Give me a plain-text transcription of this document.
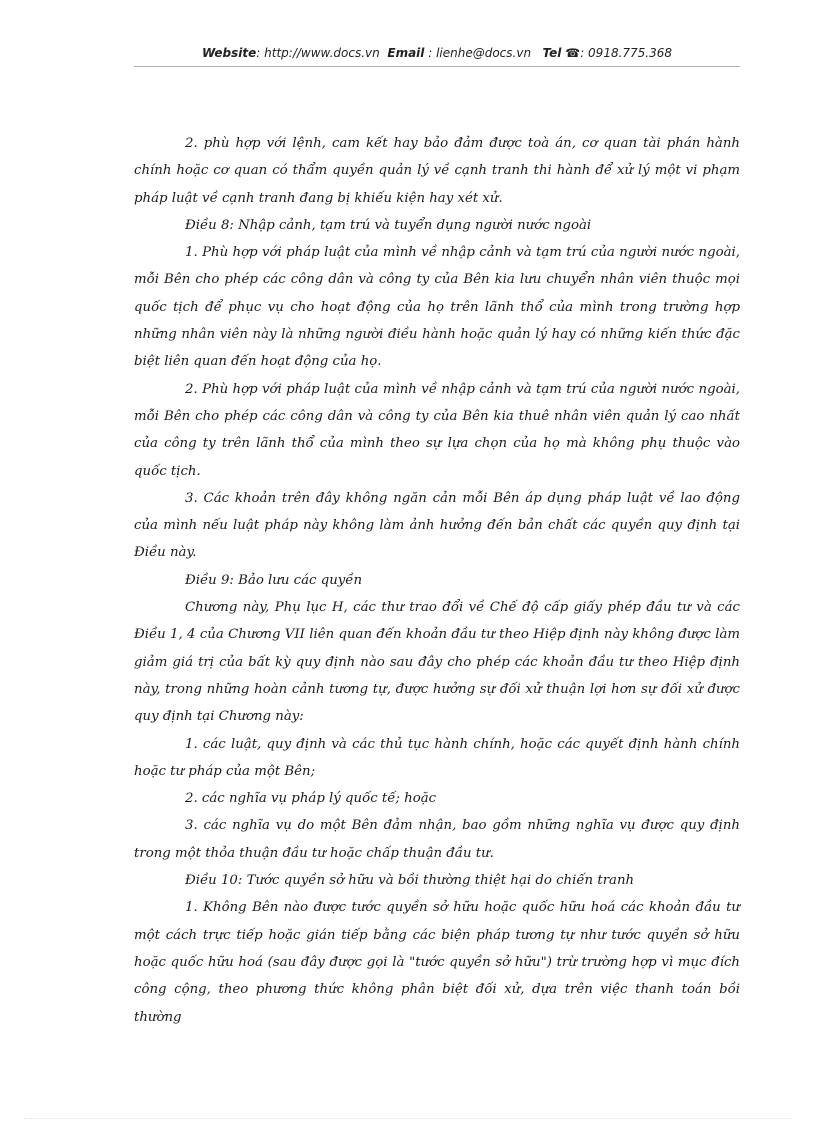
Website: http://www.docs.vn Email : lienhe@docs.vn Tel ☎: 0918.775.368

2. phù hợp với lệnh, cam kết hay bảo đảm được toà án, cơ quan tài phán hành chính hoặc cơ quan có thẩm quyền quản lý về cạnh tranh thi hành để xử lý một vi phạm pháp luật về cạnh tranh đang bị khiếu kiện hay xét xử.

Điều 8: Nhập cảnh, tạm trú và tuyển dụng người nước ngoài

1. Phù hợp với pháp luật của mình về nhập cảnh và tạm trú của người nước ngoài, mỗi Bên cho phép các công dân và công ty của Bên kia lưu chuyển nhân viên thuộc mọi quốc tịch để phục vụ cho hoạt động của họ trên lãnh thổ của mình trong trường hợp những nhân viên này là những người điều hành hoặc quản lý hay có những kiến thức đặc biệt liên quan đến hoạt động của họ.

2. Phù hợp với pháp luật của mình về nhập cảnh và tạm trú của người nước ngoài, mỗi Bên cho phép các công dân và công ty của Bên kia thuê nhân viên quản lý cao nhất của công ty trên lãnh thổ của mình theo sự lựa chọn của họ mà không phụ thuộc vào quốc tịch.

3. Các khoản trên đây không ngăn cản mỗi Bên áp dụng pháp luật về lao động của mình nếu luật pháp này không làm ảnh hưởng đến bản chất các quyền quy định tại Điều này.

Điều 9: Bảo lưu các quyền

Chương này, Phụ lục H, các thư trao đổi về Chế độ cấp giấy phép đầu tư và các Điều 1, 4 của Chương VII liên quan đến khoản đầu tư theo Hiệp định này không được làm giảm giá trị của bất kỳ quy định nào sau đây cho phép các khoản đầu tư theo Hiệp định này, trong những hoàn cảnh tương tự, được hưởng sự đối xử thuận lợi hơn sự đối xử được quy định tại Chương này:

1. các luật, quy định và các thủ tục hành chính, hoặc các quyết định hành chính hoặc tư pháp của một Bên;

2. các nghĩa vụ pháp lý quốc tế; hoặc

3. các nghĩa vụ do một Bên đảm nhận, bao gồm những nghĩa vụ được quy định trong một thỏa thuận đầu tư hoặc chấp thuận đầu tư.

Điều 10: Tước quyền sở hữu và bồi thường thiệt hại do chiến tranh

1. Không Bên nào được tước quyền sở hữu hoặc quốc hữu hoá các khoản đầu tư một cách trực tiếp hoặc gián tiếp bằng các biện pháp tương tự như tước quyền sở hữu hoặc quốc hữu hoá (sau đây được gọi là "tước quyền sở hữu") trừ trường hợp vì mục đích công cộng, theo phương thức không phân biệt đối xử, dựa trên việc thanh toán bồi thường
